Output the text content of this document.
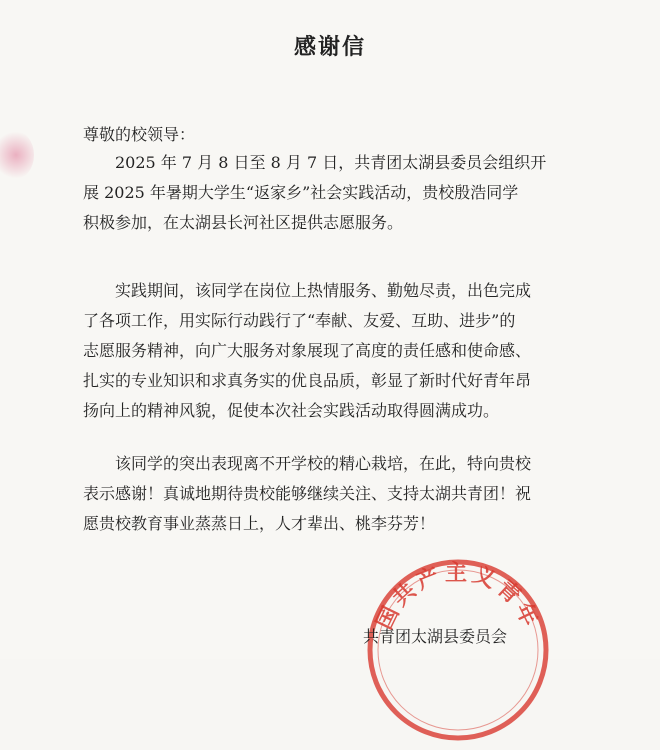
感谢信
尊敬的校领导：

2025 年 7 月 8 日至 8 月 7 日，共青团太湖县委员会组织开
展 2025 年暑期大学生“返家乡”社会实践活动，贵校殷浩同学
积极参加，在太湖县长河社区提供志愿服务。

实践期间，该同学在岗位上热情服务、勤勉尽责，出色完成
了各项工作，用实际行动践行了“奉献、友爱、互助、进步”的
志愿服务精神，向广大服务对象展现了高度的责任感和使命感、
扎实的专业知识和求真务实的优良品质，彰显了新时代好青年昂
扬向上的精神风貌，促使本次社会实践活动取得圆满成功。

该同学的突出表现离不开学校的精心栽培，在此，特向贵校
表示感谢！真诚地期待贵校能够继续关注、支持太湖共青团！祝
愿贵校教育事业蒸蒸日上，人才辈出、桃李芬芳！

国共产主义青年
共青团太湖县委员会
